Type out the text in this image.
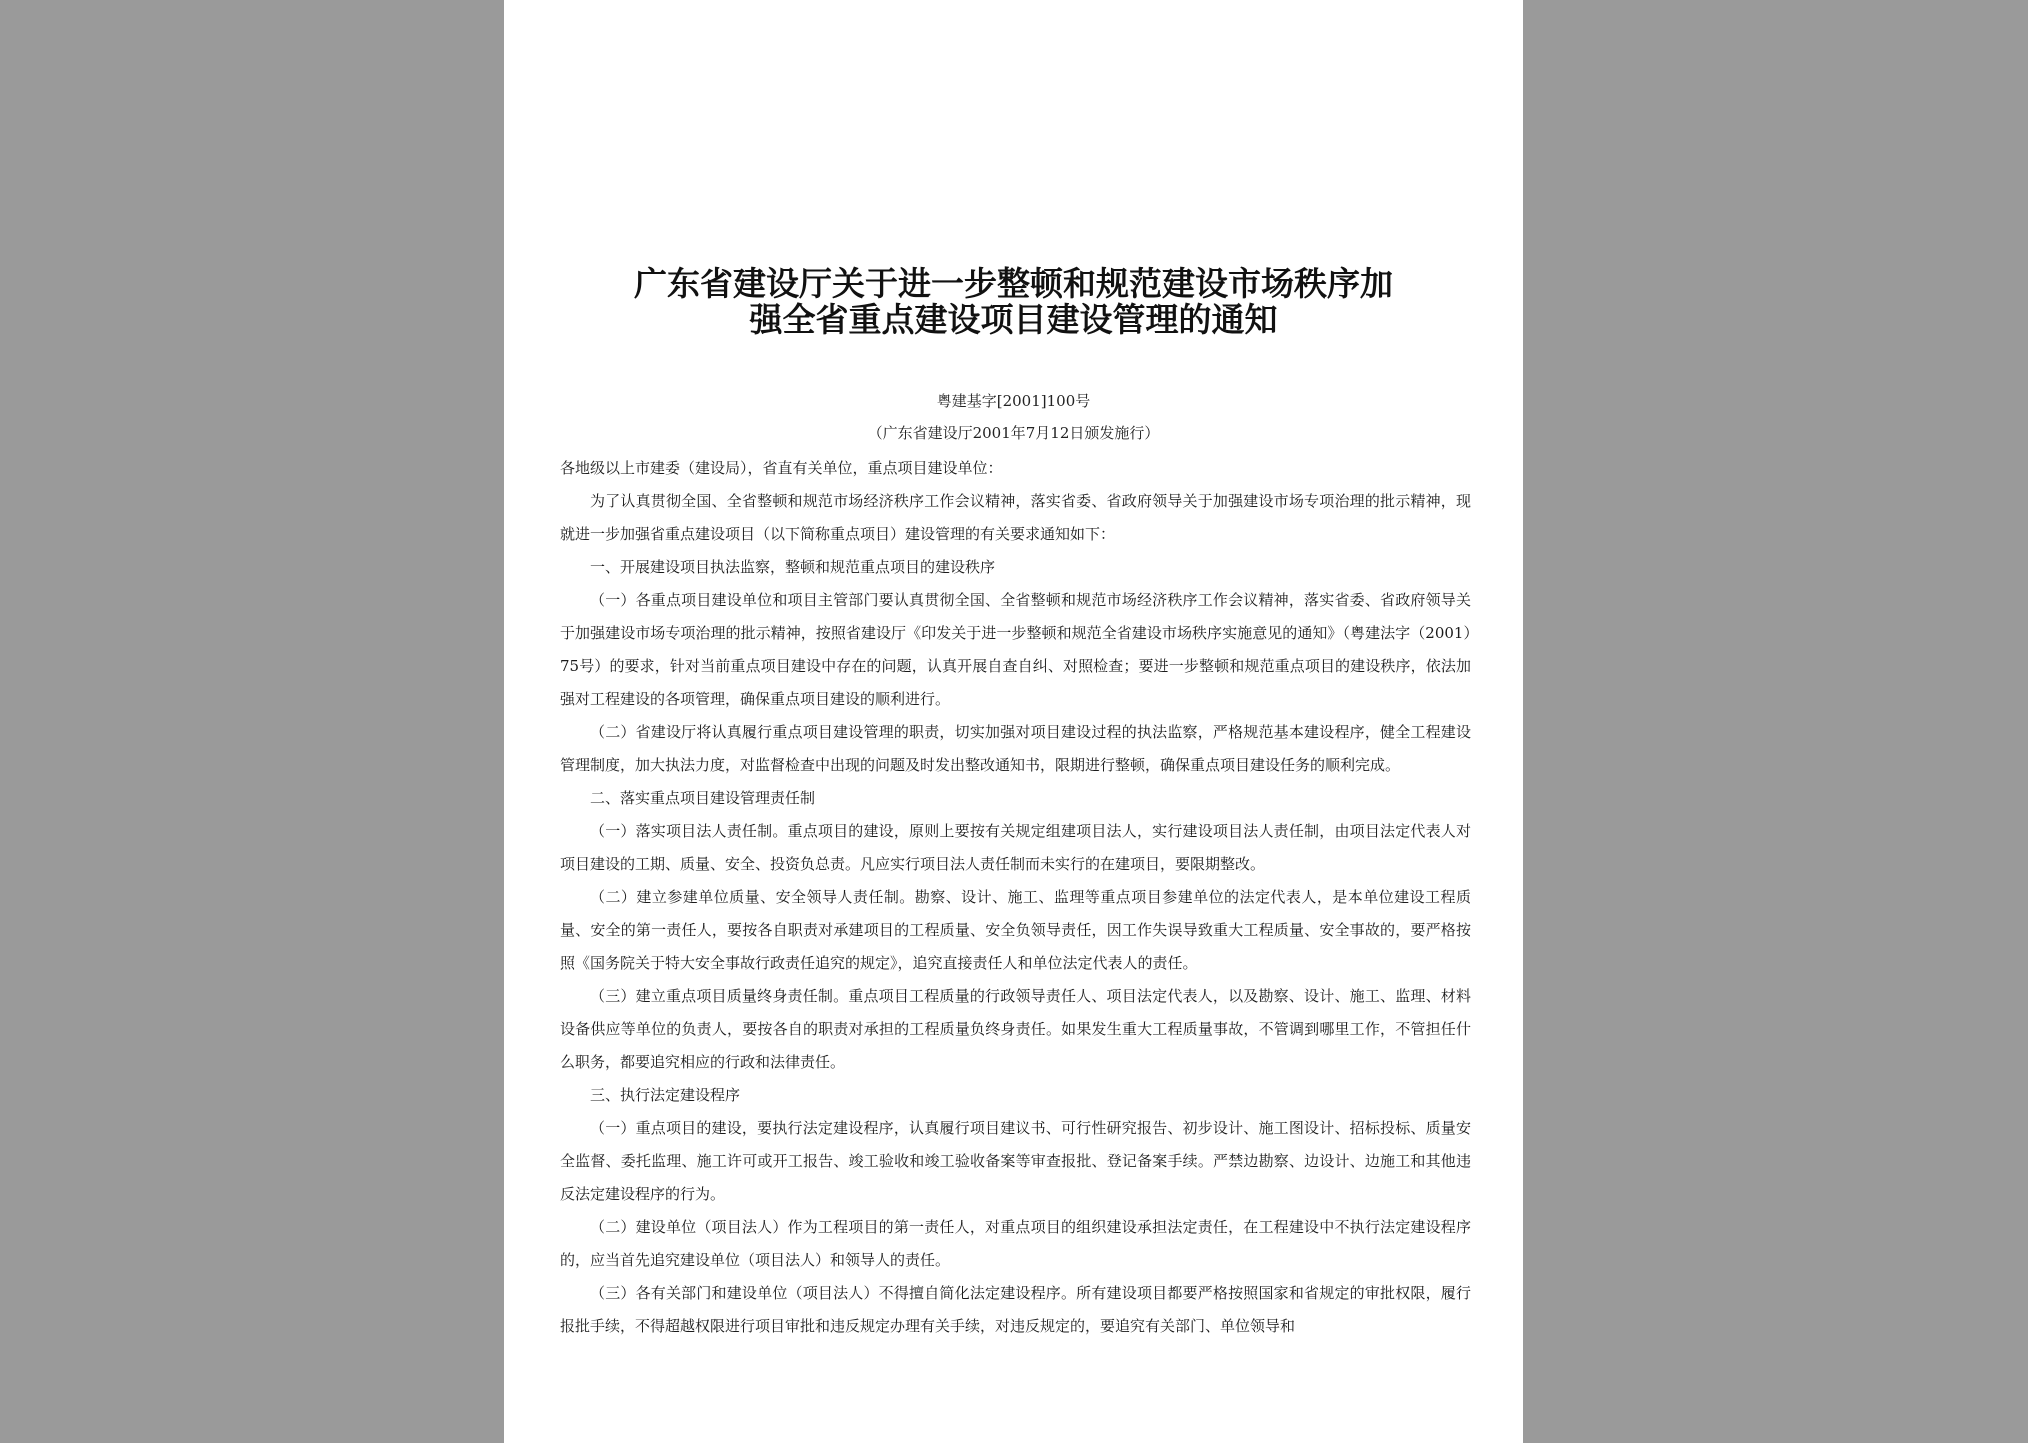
广东省建设厅关于进一步整顿和规范建设市场秩序加
强全省重点建设项目建设管理的通知
粤建基字[2001]100号
（广东省建设厅2001年7月12日颁发施行）

各地级以上市建委（建设局），省直有关单位，重点项目建设单位：

为了认真贯彻全国、全省整顿和规范市场经济秩序工作会议精神，落实省委、省政府领导关于加强建设市场专项治理的批示精神，现就进一步加强省重点建设项目（以下简称重点项目）建设管理的有关要求通知如下：

一、开展建设项目执法监察，整顿和规范重点项目的建设秩序

（一）各重点项目建设单位和项目主管部门要认真贯彻全国、全省整顿和规范市场经济秩序工作会议精神，落实省委、省政府领导关于加强建设市场专项治理的批示精神，按照省建设厅《印发关于进一步整顿和规范全省建设市场秩序实施意见的通知》（粤建法字（2001）75号）的要求，针对当前重点项目建设中存在的问题，认真开展自查自纠、对照检查；要进一步整顿和规范重点项目的建设秩序，依法加强对工程建设的各项管理，确保重点项目建设的顺利进行。

（二）省建设厅将认真履行重点项目建设管理的职责，切实加强对项目建设过程的执法监察，严格规范基本建设程序，健全工程建设管理制度，加大执法力度，对监督检查中出现的问题及时发出整改通知书，限期进行整顿，确保重点项目建设任务的顺利完成。

二、落实重点项目建设管理责任制

（一）落实项目法人责任制。重点项目的建设，原则上要按有关规定组建项目法人，实行建设项目法人责任制，由项目法定代表人对项目建设的工期、质量、安全、投资负总责。凡应实行项目法人责任制而未实行的在建项目，要限期整改。

（二）建立参建单位质量、安全领导人责任制。勘察、设计、施工、监理等重点项目参建单位的法定代表人，是本单位建设工程质量、安全的第一责任人，要按各自职责对承建项目的工程质量、安全负领导责任，因工作失误导致重大工程质量、安全事故的，要严格按照《国务院关于特大安全事故行政责任追究的规定》，追究直接责任人和单位法定代表人的责任。

（三）建立重点项目质量终身责任制。重点项目工程质量的行政领导责任人、项目法定代表人，以及勘察、设计、施工、监理、材料设备供应等单位的负责人，要按各自的职责对承担的工程质量负终身责任。如果发生重大工程质量事故，不管调到哪里工作，不管担任什么职务，都要追究相应的行政和法律责任。

三、执行法定建设程序

（一）重点项目的建设，要执行法定建设程序，认真履行项目建议书、可行性研究报告、初步设计、施工图设计、招标投标、质量安全监督、委托监理、施工许可或开工报告、竣工验收和竣工验收备案等审查报批、登记备案手续。严禁边勘察、边设计、边施工和其他违反法定建设程序的行为。

（二）建设单位（项目法人）作为工程项目的第一责任人，对重点项目的组织建设承担法定责任，在工程建设中不执行法定建设程序的，应当首先追究建设单位（项目法人）和领导人的责任。

（三）各有关部门和建设单位（项目法人）不得擅自简化法定建设程序。所有建设项目都要严格按照国家和省规定的审批权限，履行报批手续，不得超越权限进行项目审批和违反规定办理有关手续，对违反规定的，要追究有关部门、单位领导和
